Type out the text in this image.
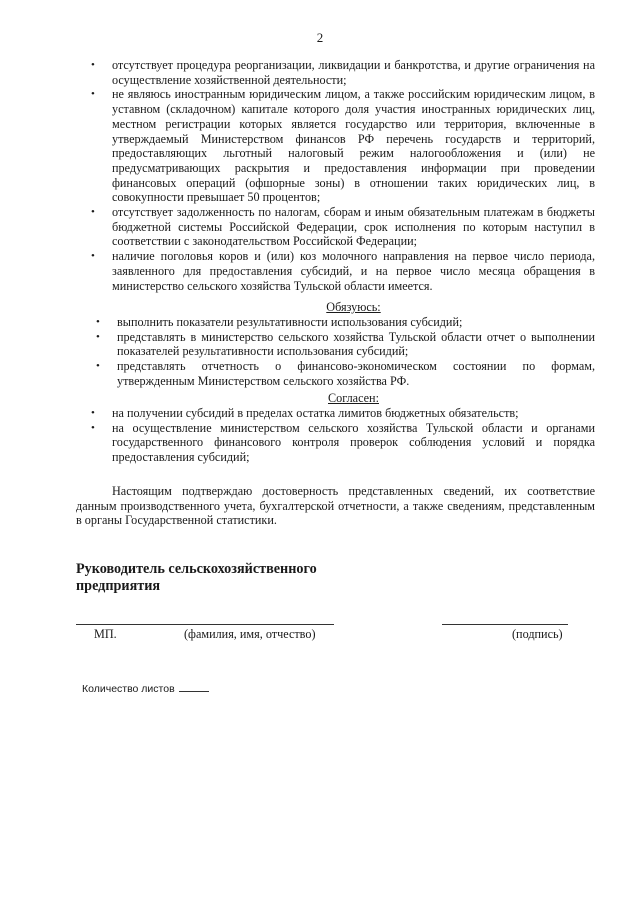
2
• отсутствует процедура реорганизации, ликвидации и банкротства, и другие ограничения на осуществление хозяйственной деятельности;
• не являюсь иностранным юридическим лицом, а также российским юридическим лицом, в уставном (складочном) капитале которого доля участия иностранных юридических лиц, местном регистрации которых является государство или территория, включенные в утверждаемый Министерством финансов РФ перечень государств и территорий, предоставляющих льготный налоговый режим налогообложения и (или) не предусматривающих раскрытия и предоставления информации при проведении финансовых операций (офшорные зоны) в отношении таких юридических лиц, в совокупности превышает 50 процентов;
• отсутствует задолженность по налогам, сборам и иным обязательным платежам в бюджеты бюджетной системы Российской Федерации, срок исполнения по которым наступил в соответствии с законодательством Российской Федерации;
• наличие поголовья коров и (или) коз молочного направления на первое число периода, заявленного для предоставления субсидий, и на первое число месяца обращения в министерство сельского хозяйства Тульской области имеется.
Обязуюсь:
• выполнить показатели результативности использования субсидий;
• представлять в министерство сельского хозяйства Тульской области отчет о выполнении показателей результативности использования субсидий;
• представлять отчетность о финансово-экономическом состоянии по формам, утвержденным Министерством сельского хозяйства РФ.
Согласен:
• на получении субсидий в пределах остатка лимитов бюджетных обязательств;
• на осуществление министерством сельского хозяйства Тульской области и органами государственного финансового контроля проверок соблюдения условий и порядка предоставления субсидий;

Настоящим подтверждаю достоверность представленных сведений, их соответствие данным производственного учета, бухгалтерской отчетности, а также сведениям, представленным в органы Государственной статистики.

Руководитель сельскохозяйственного предприятия

МП.	(фамилия, имя, отчество)	(подпись)
Количество листов
